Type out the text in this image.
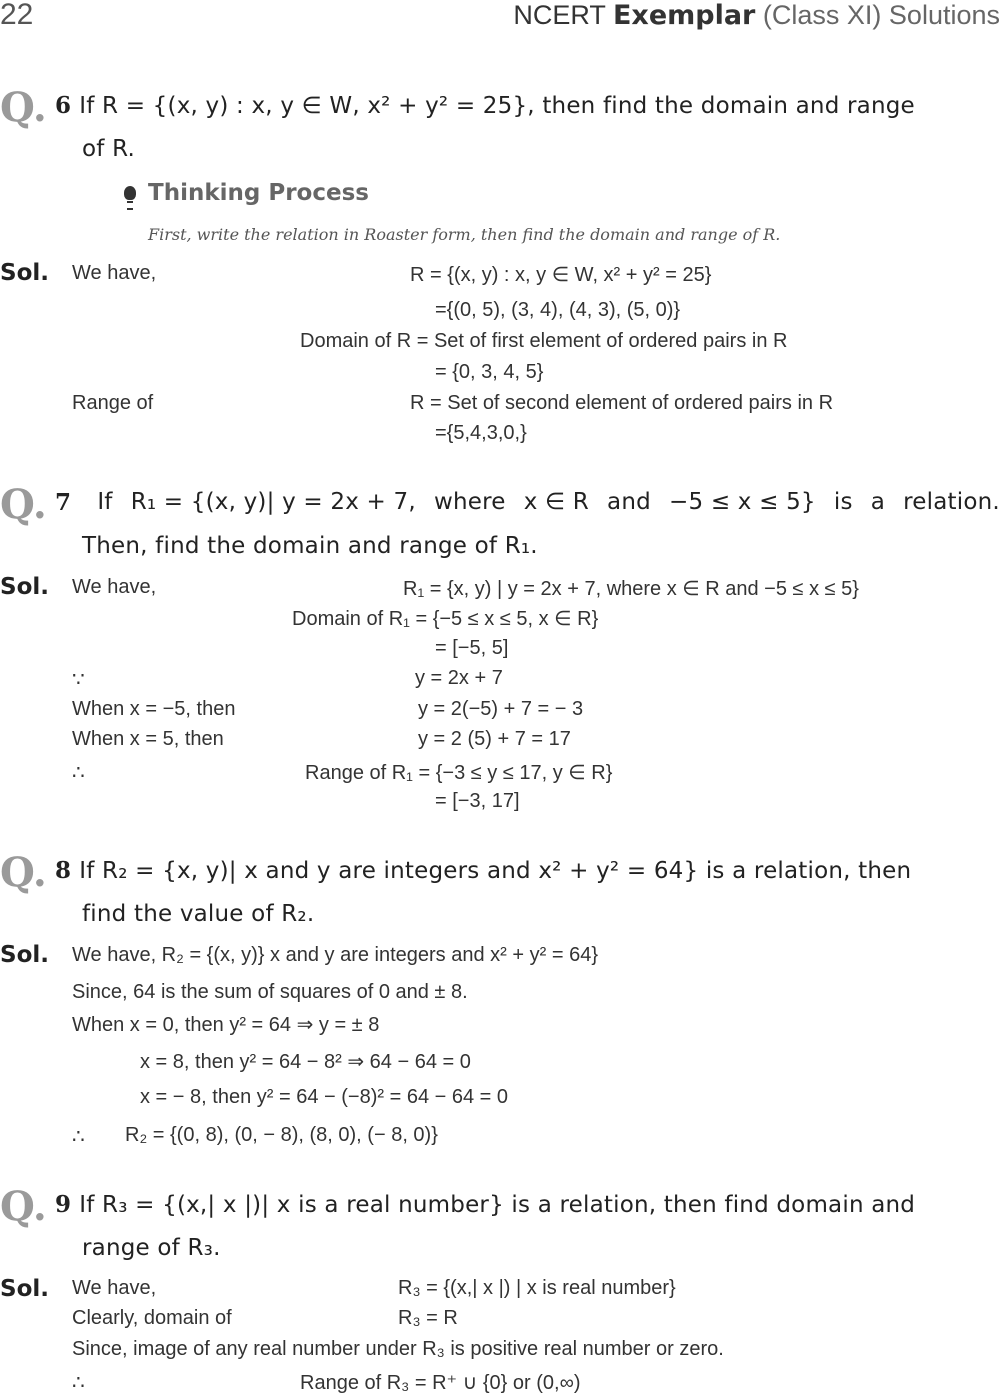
22	NCERT Exemplar (Class XI) Solutions
Q. 6 If R = {(x, y) : x, y ∈ W, x² + y² = 25}, then find the domain and range
of R.
Thinking Process
First, write the relation in Roaster form, then find the domain and range of R.
Sol. We have,	R = {(x, y) : x, y ∈ W, x² + y² = 25}
={(0, 5), (3, 4), (4, 3), (5, 0)}
Domain of R = Set of first element of ordered pairs in R
= {0, 3, 4, 5}
Range of	R = Set of second element of ordered pairs in R
={5,4,3,0,}
Q. 7 If R₁ = {(x, y)| y = 2x + 7, where x ∈ R and −5 ≤ x ≤ 5} is a relation.
Then, find the domain and range of R₁.
Sol. We have,	R₁ = {x, y) | y = 2x + 7, where x ∈ R and −5 ≤ x ≤ 5}
Domain of R₁ = {−5 ≤ x ≤ 5, x ∈ R}
= [−5, 5]
∵	y = 2x + 7
When x = −5, then	y = 2(−5) + 7 = − 3
When x = 5, then	y = 2 (5) + 7 = 17
∴	Range of R₁ = {−3 ≤ y ≤ 17, y ∈ R}
= [−3, 17]
Q. 8 If R₂ = {x, y)| x and y are integers and x² + y² = 64} is a relation, then
find the value of R₂.
Sol. We have, R₂ = {(x, y)} x and y are integers and x² + y² = 64}
Since, 64 is the sum of squares of 0 and ± 8.
When x = 0, then y² = 64 ⇒ y = ± 8
x = 8, then y² = 64 − 8² ⇒ 64 − 64 = 0
x = − 8, then y² = 64 − (−8)² = 64 − 64 = 0
∴ R₂ = {(0, 8), (0, − 8), (8, 0), (− 8, 0)}
Q. 9 If R₃ = {(x,| x |)| x is a real number} is a relation, then find domain and
range of R₃.
Sol. We have,	R₃ = {(x,| x |) | x is real number}
Clearly, domain of	R₃ = R
Since, image of any real number under R₃ is positive real number or zero.
∴	Range of R₃ = R⁺ ∪ {0} or (0,∞)
